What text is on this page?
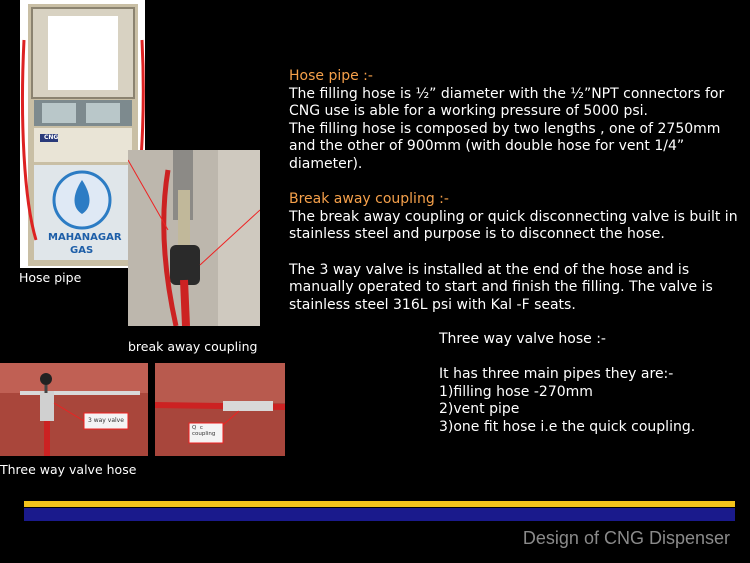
CNG
MAHANAGAR
GAS
Hose pipe
break away coupling
3 way valve
Three way valve hose
Q  c
coupling

Hose pipe :-

The filling hose is ½” diameter with the ½”NPT connectors for CNG use is able for a working pressure of 5000 psi.

The filling hose is composed by two lengths , one of 2750mm and the other of 900mm (with double hose for vent 1/4” diameter).

Break away coupling :-

The break away coupling or quick disconnecting valve is built in stainless steel and purpose is to disconnect the hose.

The 3 way valve is installed at the end of the hose and is manually operated to start and finish the filling. The valve is stainless steel 316L psi with Kal -F seats.

Three way valve hose :-

It has three main pipes they are:-

1)filling hose -270mm

2)vent pipe

3)one fit hose i.e the quick coupling.

Design of CNG Dispenser
